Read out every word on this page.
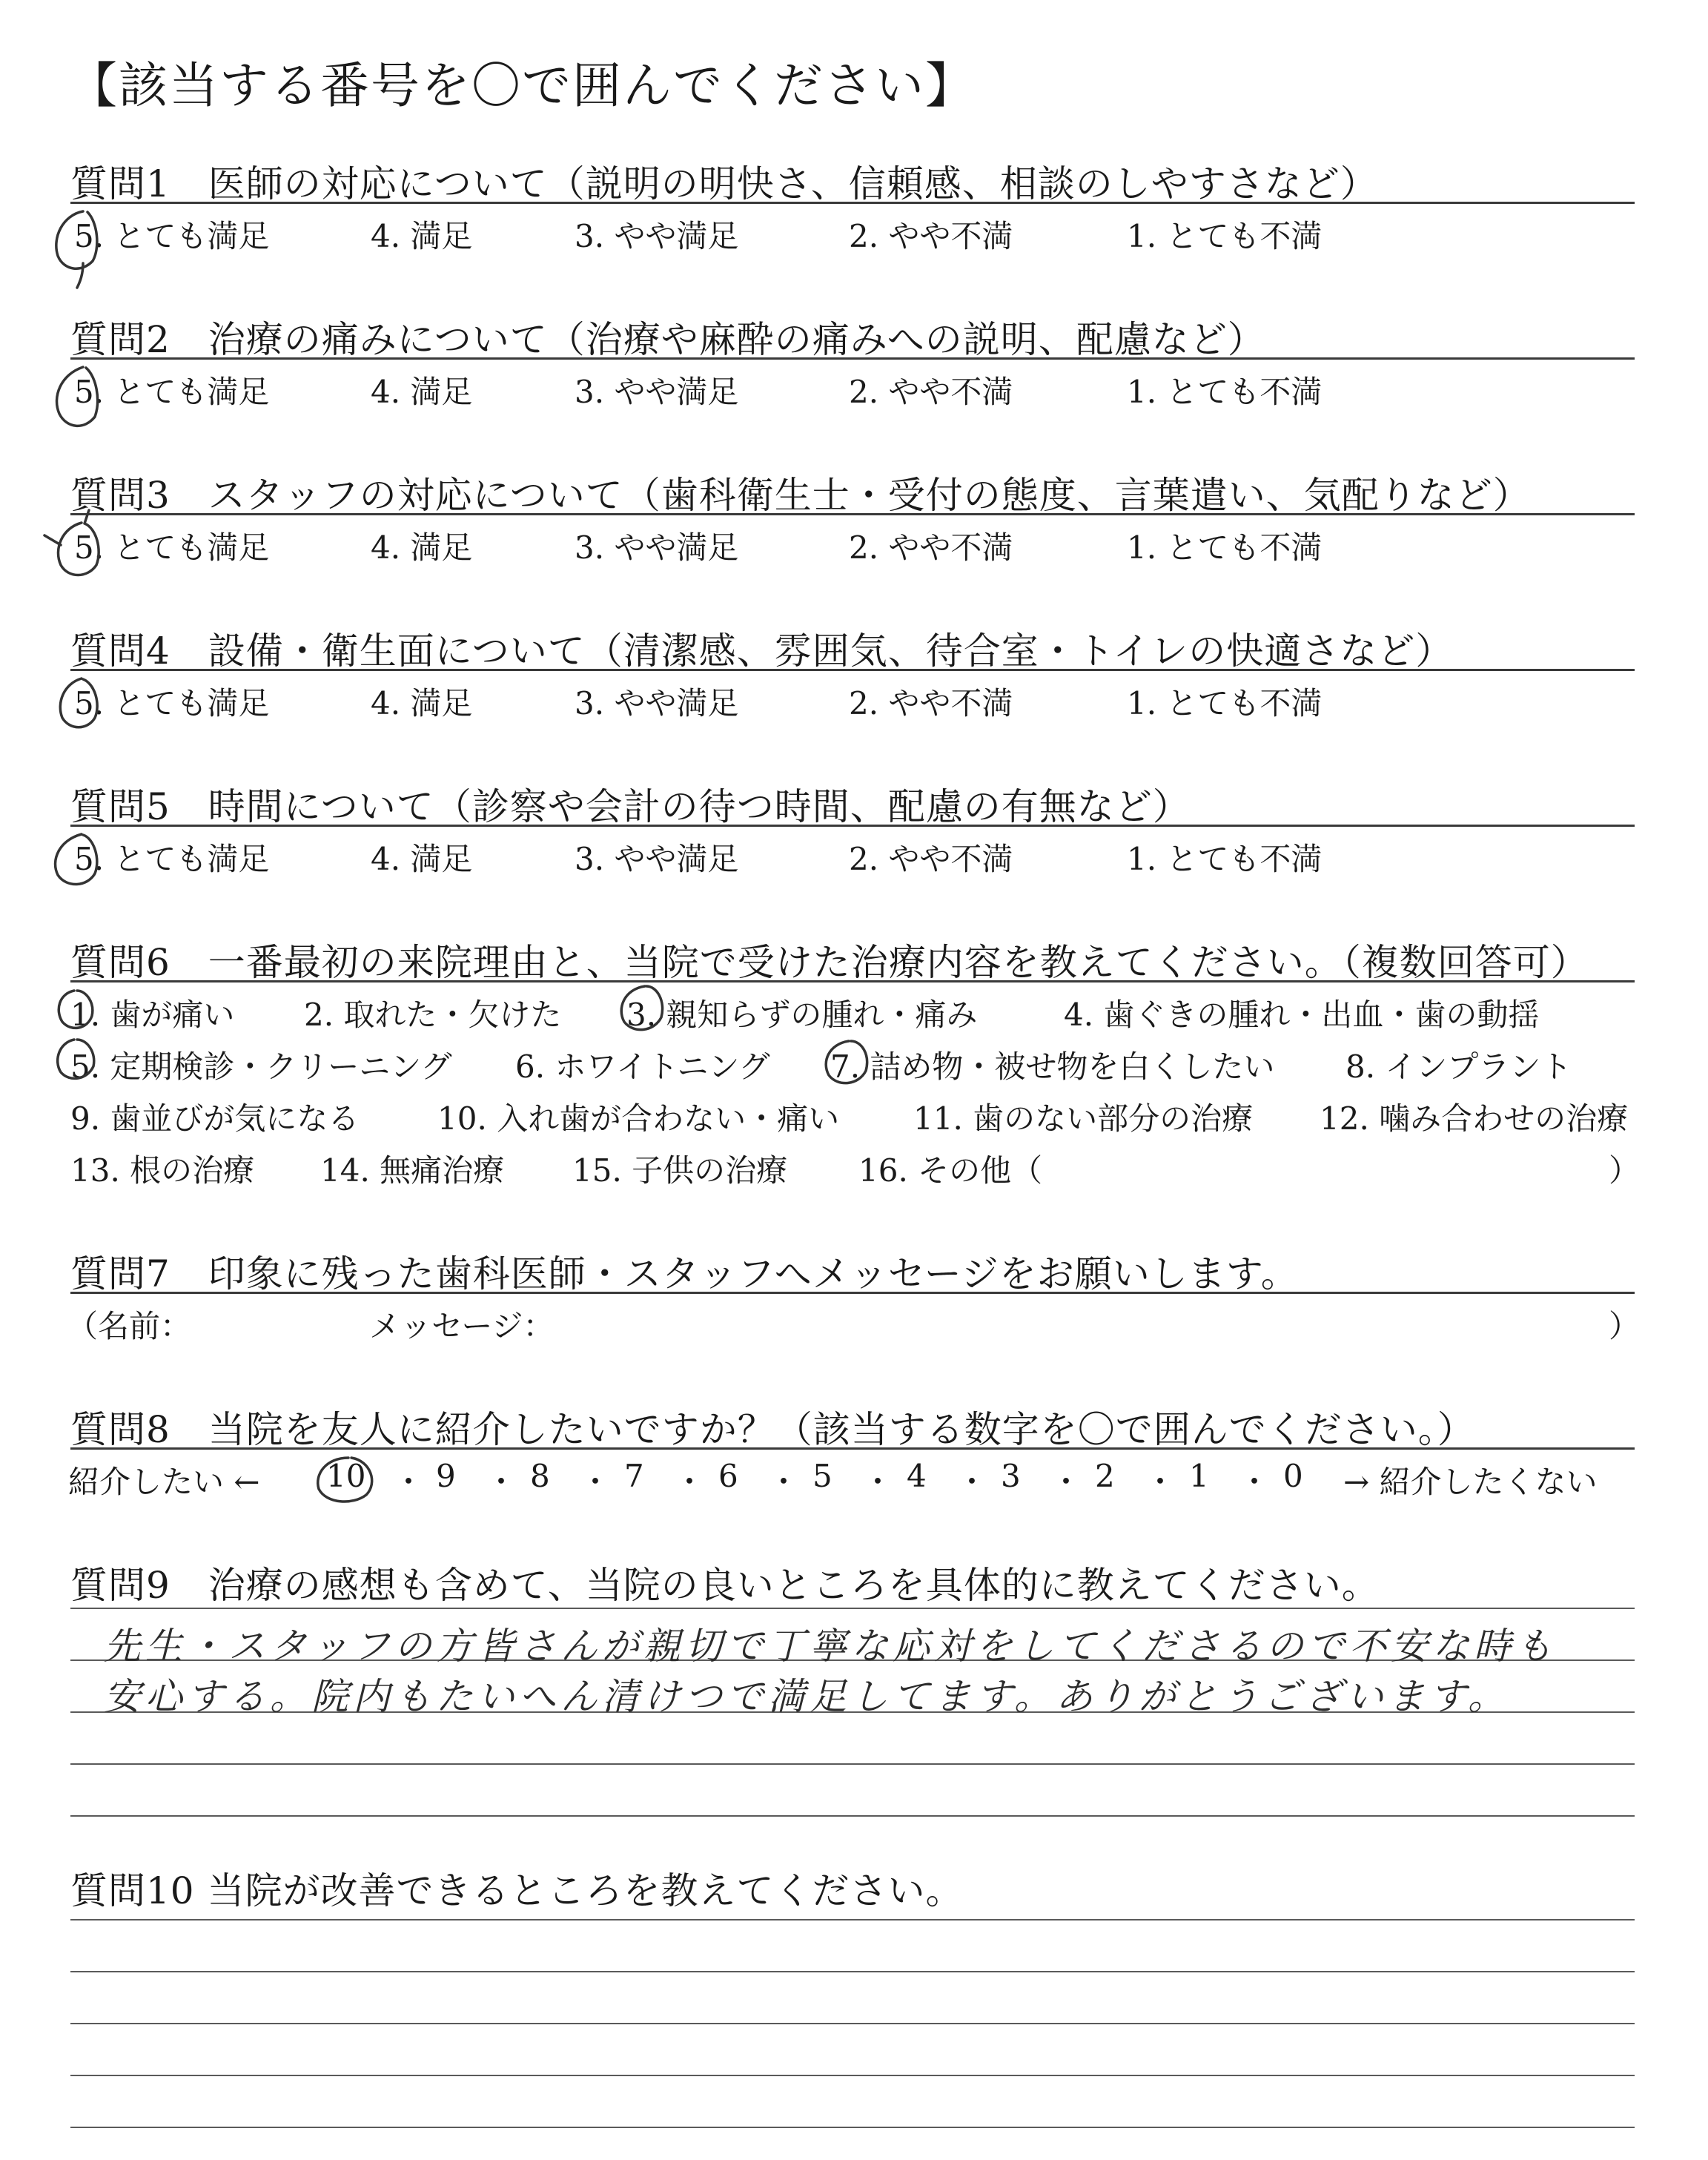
【該当する番号を〇で囲んでください】
質問1　医師の対応について（説明の明快さ、信頼感、相談のしやすさなど）
5. とても満足	4. 満足	3. やや満足	2. やや不満	1. とても不満
質問2　治療の痛みについて（治療や麻酔の痛みへの説明、配慮など）
5. とても満足	4. 満足	3. やや満足	2. やや不満	1. とても不満
質問3　スタッフの対応について（歯科衛生士・受付の態度、言葉遣い、気配りなど）
5. とても満足	4. 満足	3. やや満足	2. やや不満	1. とても不満
質問4　設備・衛生面について（清潔感、雰囲気、待合室・トイレの快適さなど）
5. とても満足	4. 満足	3. やや満足	2. やや不満	1. とても不満
質問5　時間について（診察や会計の待つ時間、配慮の有無など）
5. とても満足	4. 満足	3. やや満足	2. やや不満	1. とても不満
質問6　一番最初の来院理由と、当院で受けた治療内容を教えてください。（複数回答可）
1. 歯が痛い 2. 取れた・欠けた 3. 親知らずの腫れ・痛み	4. 歯ぐきの腫れ・出血・歯の動揺
5. 定期検診・クリーニング 6. ホワイトニング 7. 詰め物・被せ物を白くしたい 8. インプラント
9. 歯並びが気になる	10. 入れ歯が合わない・痛い 11. 歯のない部分の治療 12. 噛み合わせの治療
13. 根の治療 14. 無痛治療 15. 子供の治療 16. その他（	）
質問7　印象に残った歯科医師・スタッフへメッセージをお願いします。
（名前：	メッセージ：	）
質問8　当院を友人に紹介したいですか？（該当する数字を〇で囲んでください。）
紹介したい ← 10 ・ 9 ・ 8 ・ 7 ・ 6 ・ 5 ・ 4 ・ 3 ・ 2 ・ 1 ・ 0 → 紹介したくない
質問9　治療の感想も含めて、当院の良いところを具体的に教えてください。
先生・スタッフの方皆さんが親切で丁寧な応対をしてくださるので不安な時も
安心する。院内もたいへん清けつで満足してます。ありがとうございます。
質問10 当院が改善できるところを教えてください。
